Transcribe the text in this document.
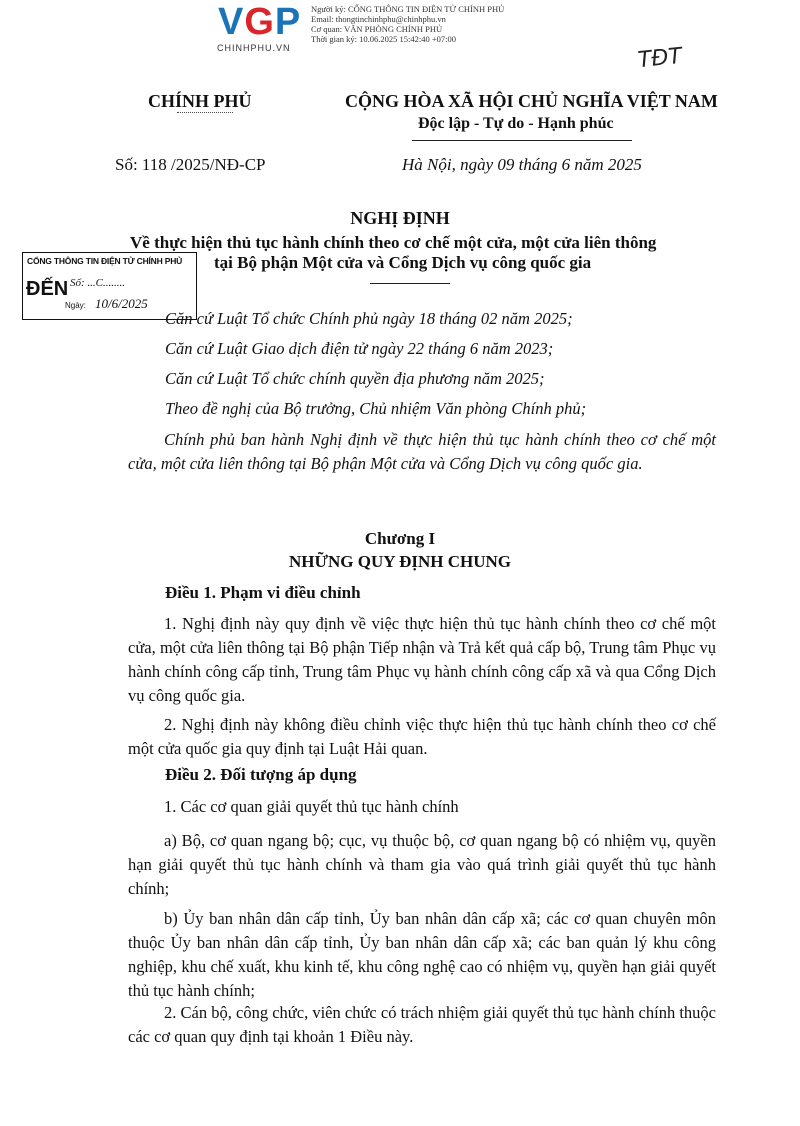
VGP
CHINHPHU.VN
Người ký: CỔNG THÔNG TIN ĐIỆN TỬ CHÍNH PHỦ
Email: thongtinchinhphu@chinhphu.vn
Cơ quan: VĂN PHÒNG CHÍNH PHỦ
Thời gian ký: 10.06.2025 15:42:40 +07:00
TĐT
CHÍNH PHỦ	CỘNG HÒA XÃ HỘI CHỦ NGHĨA VIỆT NAM
Độc lập - Tự do - Hạnh phúc
Số: 118 /2025/NĐ-CP	Hà Nội, ngày 09 tháng 6 năm 2025
NGHỊ ĐỊNH
Về thực hiện thủ tục hành chính theo cơ chế một cửa, một cửa liên thông
tại Bộ phận Một cửa và Cổng Dịch vụ công quốc gia
CỔNG THÔNG TIN ĐIỆN TỬ CHÍNH PHỦ
ĐẾN Số: ...C........
Ngày: 10/6/2025
Căn cứ Luật Tổ chức Chính phủ ngày 18 tháng 02 năm 2025;
Căn cứ Luật Giao dịch điện tử ngày 22 tháng 6 năm 2023;
Căn cứ Luật Tổ chức chính quyền địa phương năm 2025;
Theo đề nghị của Bộ trưởng, Chủ nhiệm Văn phòng Chính phủ;
Chính phủ ban hành Nghị định về thực hiện thủ tục hành chính theo cơ chế một cửa, một cửa liên thông tại Bộ phận Một cửa và Cổng Dịch vụ công quốc gia.
Chương I
NHỮNG QUY ĐỊNH CHUNG
Điều 1. Phạm vi điều chỉnh
1. Nghị định này quy định về việc thực hiện thủ tục hành chính theo cơ chế một cửa, một cửa liên thông tại Bộ phận Tiếp nhận và Trả kết quả cấp bộ, Trung tâm Phục vụ hành chính công cấp tỉnh, Trung tâm Phục vụ hành chính công cấp xã và qua Cổng Dịch vụ công quốc gia.
2. Nghị định này không điều chỉnh việc thực hiện thủ tục hành chính theo cơ chế một cửa quốc gia quy định tại Luật Hải quan.
Điều 2. Đối tượng áp dụng
1. Các cơ quan giải quyết thủ tục hành chính
a) Bộ, cơ quan ngang bộ; cục, vụ thuộc bộ, cơ quan ngang bộ có nhiệm vụ, quyền hạn giải quyết thủ tục hành chính và tham gia vào quá trình giải quyết thủ tục hành chính;
b) Ủy ban nhân dân cấp tỉnh, Ủy ban nhân dân cấp xã; các cơ quan chuyên môn thuộc Ủy ban nhân dân cấp tỉnh, Ủy ban nhân dân cấp xã; các ban quản lý khu công nghiệp, khu chế xuất, khu kinh tế, khu công nghệ cao có nhiệm vụ, quyền hạn giải quyết thủ tục hành chính;
2. Cán bộ, công chức, viên chức có trách nhiệm giải quyết thủ tục hành chính thuộc các cơ quan quy định tại khoản 1 Điều này.
